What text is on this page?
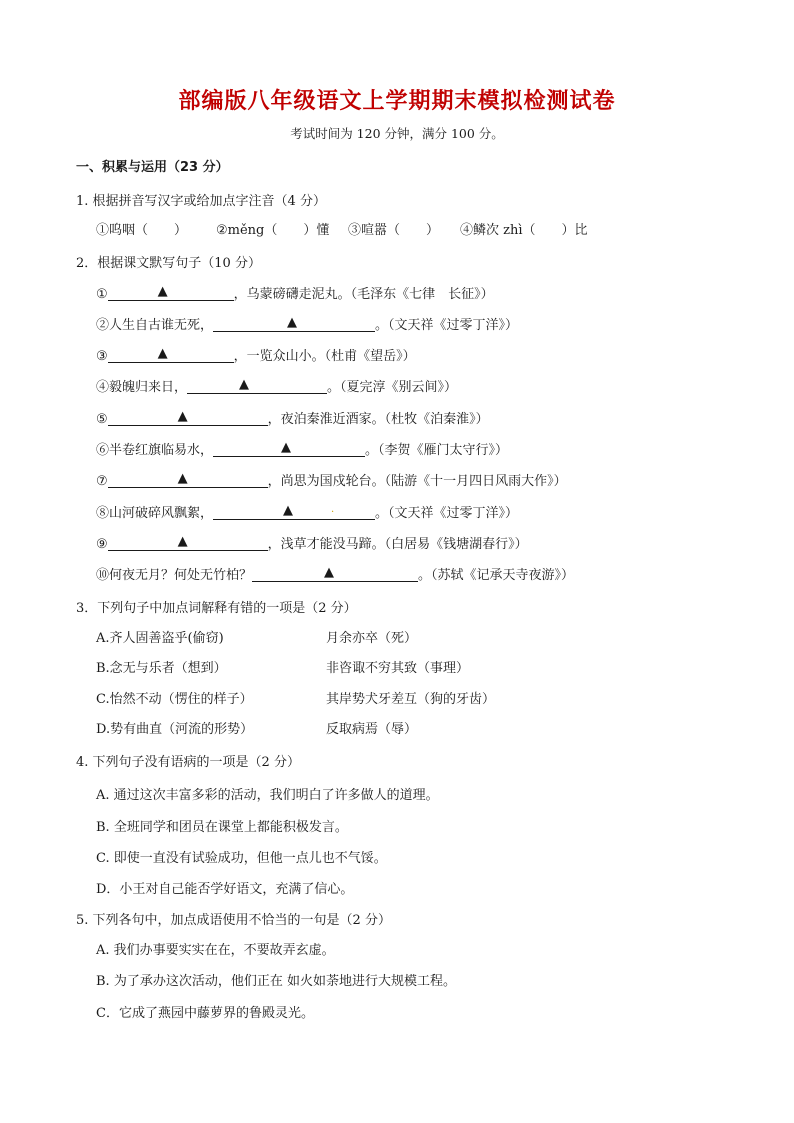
部编版八年级语文上学期期末模拟检测试卷

考试时间为 120 分钟，满分 100 分。

一、积累与运用（23 分）

1. 根据拼音写汉字或给加点字注音（4 分）

①呜咽（　　） ②měng（　　）懂 ③喧嚣（　　） ④鳞次 zhì（　　）比

2．根据课文默写句子（10 分）

①	▲	，乌蒙磅礴走泥丸。（毛泽东《七律　长征》）

②人生自古谁无死，	▲	。（文天祥《过零丁洋》）

③	▲	，一览众山小。（杜甫《望岳》）

④毅魄归来日，	▲	。（夏完淳《别云间》）

⑤	▲	，夜泊秦淮近酒家。（杜牧《泊秦淮》）

⑥半卷红旗临易水，	▲	。（李贺《雁门太守行》）

⑦	▲	，尚思为国戍轮台。（陆游《十一月四日风雨大作》）

⑧山河破碎风飘絮，	▲	.	。（文天祥《过零丁洋》）

⑨	▲	，浅草才能没马蹄。（白居易《钱塘湖春行》）

⑩何夜无月？何处无竹柏？	▲	。（苏轼《记承天寺夜游》）

3．下列句子中加点词解释有错的一项是（2 分）

A.齐人固善盗乎(偷窃)	月余亦卒（死）

B.念无与乐者（想到）	非咨诹不穷其致（事理）

C.怡然不动（愣住的样子）	其岸势犬牙差互（狗的牙齿）

D.势有曲直（河流的形势）	反取病焉（辱）

4. 下列句子没有语病的一项是（2 分）

A. 通过这次丰富多彩的活动，我们明白了许多做人的道理。

B. 全班同学和团员在课堂上都能积极发言。

C. 即使一直没有试验成功，但他一点儿也不气馁。

D．小王对自己能否学好语文，充满了信心。

5. 下列各句中，加点成语使用不恰当的一句是（2 分）

A. 我们办事要实实在在，不要故弄玄虚。

B. 为了承办这次活动，他们正在 如火如荼地进行大规模工程。

C．它成了燕园中藤萝界的鲁殿灵光。
